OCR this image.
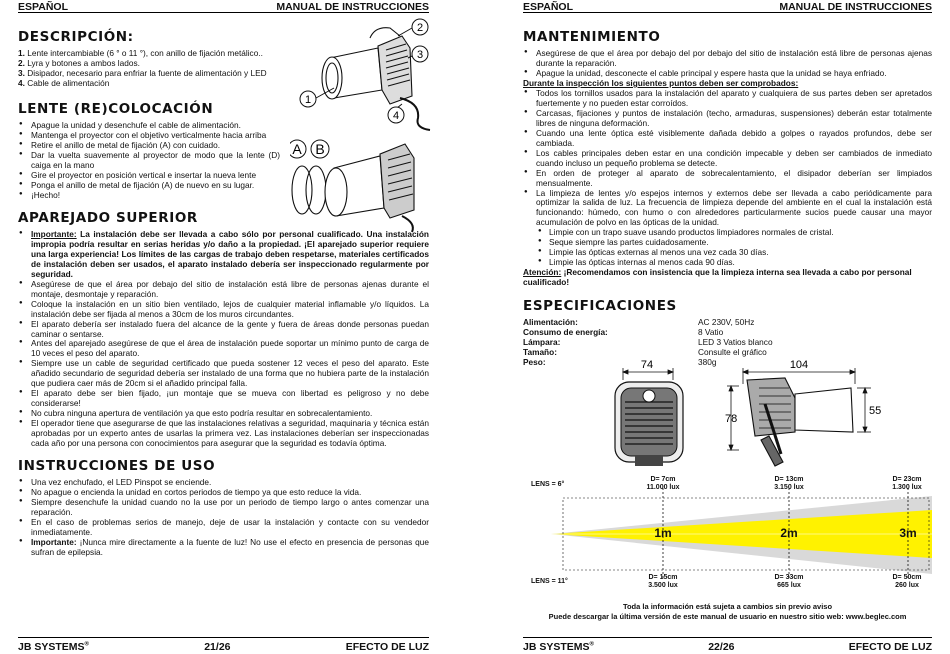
ESPAÑOL	MANUAL DE INSTRUCCIONES
DESCRIPCIÓN:
1. Lente intercambiable (6 ° o 11 °), con anillo de fijación metálico..
2. Lyra y botones a ambos lados.
3. Disipador, necesario para enfriar la fuente de alimentación y LED
4. Cable de alimentación
LENTE (RE)COLOCACIÓN
● Apague la unidad y desenchufe el cable de alimentación.
● Mantenga el proyector con el objetivo verticalmente hacia arriba
● Retire el anillo de metal de fijación (A) con cuidado.
● Dar la vuelta suavemente al proyector de modo que la lente (D) caiga en la mano
● Gire el proyector en posición vertical e insertar la nueva lente
● Ponga el anillo de metal de fijación (A) de nuevo en su lugar.
● ¡Hecho!
APAREJADO SUPERIOR
● Importante: La instalación debe ser llevada a cabo sólo por personal cualificado. Una instalación impropia podría resultar en serias heridas y/o daño a la propiedad. ¡El aparejado superior requiere una larga experiencia! Los límites de las cargas de trabajo deben respetarse, materiales certificados de instalación deben ser usados, el aparato instalado debería ser inspeccionado regularmente por seguridad.
● Asegúrese de que el área por debajo del sitio de instalación está libre de personas ajenas durante el montaje, desmontaje y reparación.
● Coloque la instalación en un sitio bien ventilado, lejos de cualquier material inflamable y/o líquidos. La instalación debe ser fijada al menos a 30cm de los muros circundantes.
● El aparato debería ser instalado fuera del alcance de la gente y fuera de áreas donde personas puedan caminar o sentarse.
● Antes del aparejado asegúrese de que el área de instalación puede soportar un mínimo punto de carga de 10 veces el peso del aparato.
● Siempre use un cable de seguridad certificado que pueda sostener 12 veces el peso del aparato. Este añadido secundario de seguridad debería ser instalado de una forma que no hubiera parte de la instalación que pudiera caer más de 20cm si el añadido principal falla.
● El aparato debe ser bien fijado, ¡un montaje que se mueva con libertad es peligroso y no debe considerarse!
● No cubra ninguna apertura de ventilación ya que esto podría resultar en sobrecalentamiento.
● El operador tiene que asegurarse de que las instalaciones relativas a seguridad, maquinaria y técnica están aprobadas por un experto antes de usarlas la primera vez. Las instalaciones deberían ser inspeccionadas cada año por una persona con conocimientos para asegurar que la seguridad es todavía óptima.
INSTRUCCIONES DE USO
● Una vez enchufado, el LED Pinspot se enciende.
● No apague o encienda la unidad en cortos periodos de tiempo ya que esto reduce la vida.
● Siempre desenchufe la unidad cuando no la use por un periodo de tiempo largo o antes comenzar una reparación.
● En el caso de problemas serios de manejo, deje de usar la instalación y contacte con su vendedor inmediatamente.
● Importante: ¡Nunca mire directamente a la fuente de luz! No use el efecto en presencia de personas que sufran de epilepsia.
1
2
3
4
A B
JB SYSTEMS®	21/26	EFECTO DE LUZ
ESPAÑOL	MANUAL DE INSTRUCCIONES
MANTENIMIENTO
● Asegúrese de que el área por debajo del por debajo del sitio de instalación está libre de personas ajenas durante la reparación.
● Apague la unidad, desconecte el cable principal y espere hasta que la unidad se haya enfriado.
Durante la inspección los siguientes puntos deben ser comprobados:
● Todos los tornillos usados para la instalación del aparato y cualquiera de sus partes deben ser apretados fuertemente y no pueden estar corroídos.
● Carcasas, fijaciones y puntos de instalación (techo, armaduras, suspensiones) deberán estar totalmente libres de ninguna deformación.
● Cuando una lente óptica esté visiblemente dañada debido a golpes o rayados profundos, debe ser cambiada.
● Los cables principales deben estar en una condición impecable y deben ser cambiados de inmediato cuando incluso un pequeño problema se detecte.
● En orden de proteger al aparato de sobrecalentamiento, el disipador deberían ser limpiados mensualmente.
● La limpieza de lentes y/o espejos internos y externos debe ser llevada a cabo periódicamente para optimizar la salida de luz. La frecuencia de limpieza depende del ambiente en el cual la instalación está funcionando: húmedo, con humo o con alrededores particularmente sucios puede causar una mayor acumulación de polvo en las ópticas de la unidad.
● Limpie con un trapo suave usando productos limpiadores normales de cristal.
● Seque siempre las partes cuidadosamente.
● Limpie las ópticas externas al menos una vez cada 30 días.
● Limpie las ópticas internas al menos cada 90 días.
Atención: ¡Recomendamos con insistencia que la limpieza interna sea llevada a cabo por personal cualificado!
ESPECIFICACIONES
Alimentación:	AC 230V, 50Hz
Consumo de energía:	8 Vatio
Lámpara:	LED 3 Vatios blanco
Tamaño:	Consulte el gráfico
Peso:	380g
74	104
78
55
LENS = 6°
LENS = 11°
D= 7cm
11.000 lux
D= 13cm
3.150 lux
D= 23cm
1.300 lux
D= 15cm
3.500 lux
D= 33cm
665 lux
D= 50cm
260 lux
1m	2m	3m
Toda la información está sujeta a cambios sin previo aviso
Puede descargar la última versión de este manual de usuario en nuestro sitio web: www.beglec.com
JB SYSTEMS®	22/26	EFECTO DE LUZ
